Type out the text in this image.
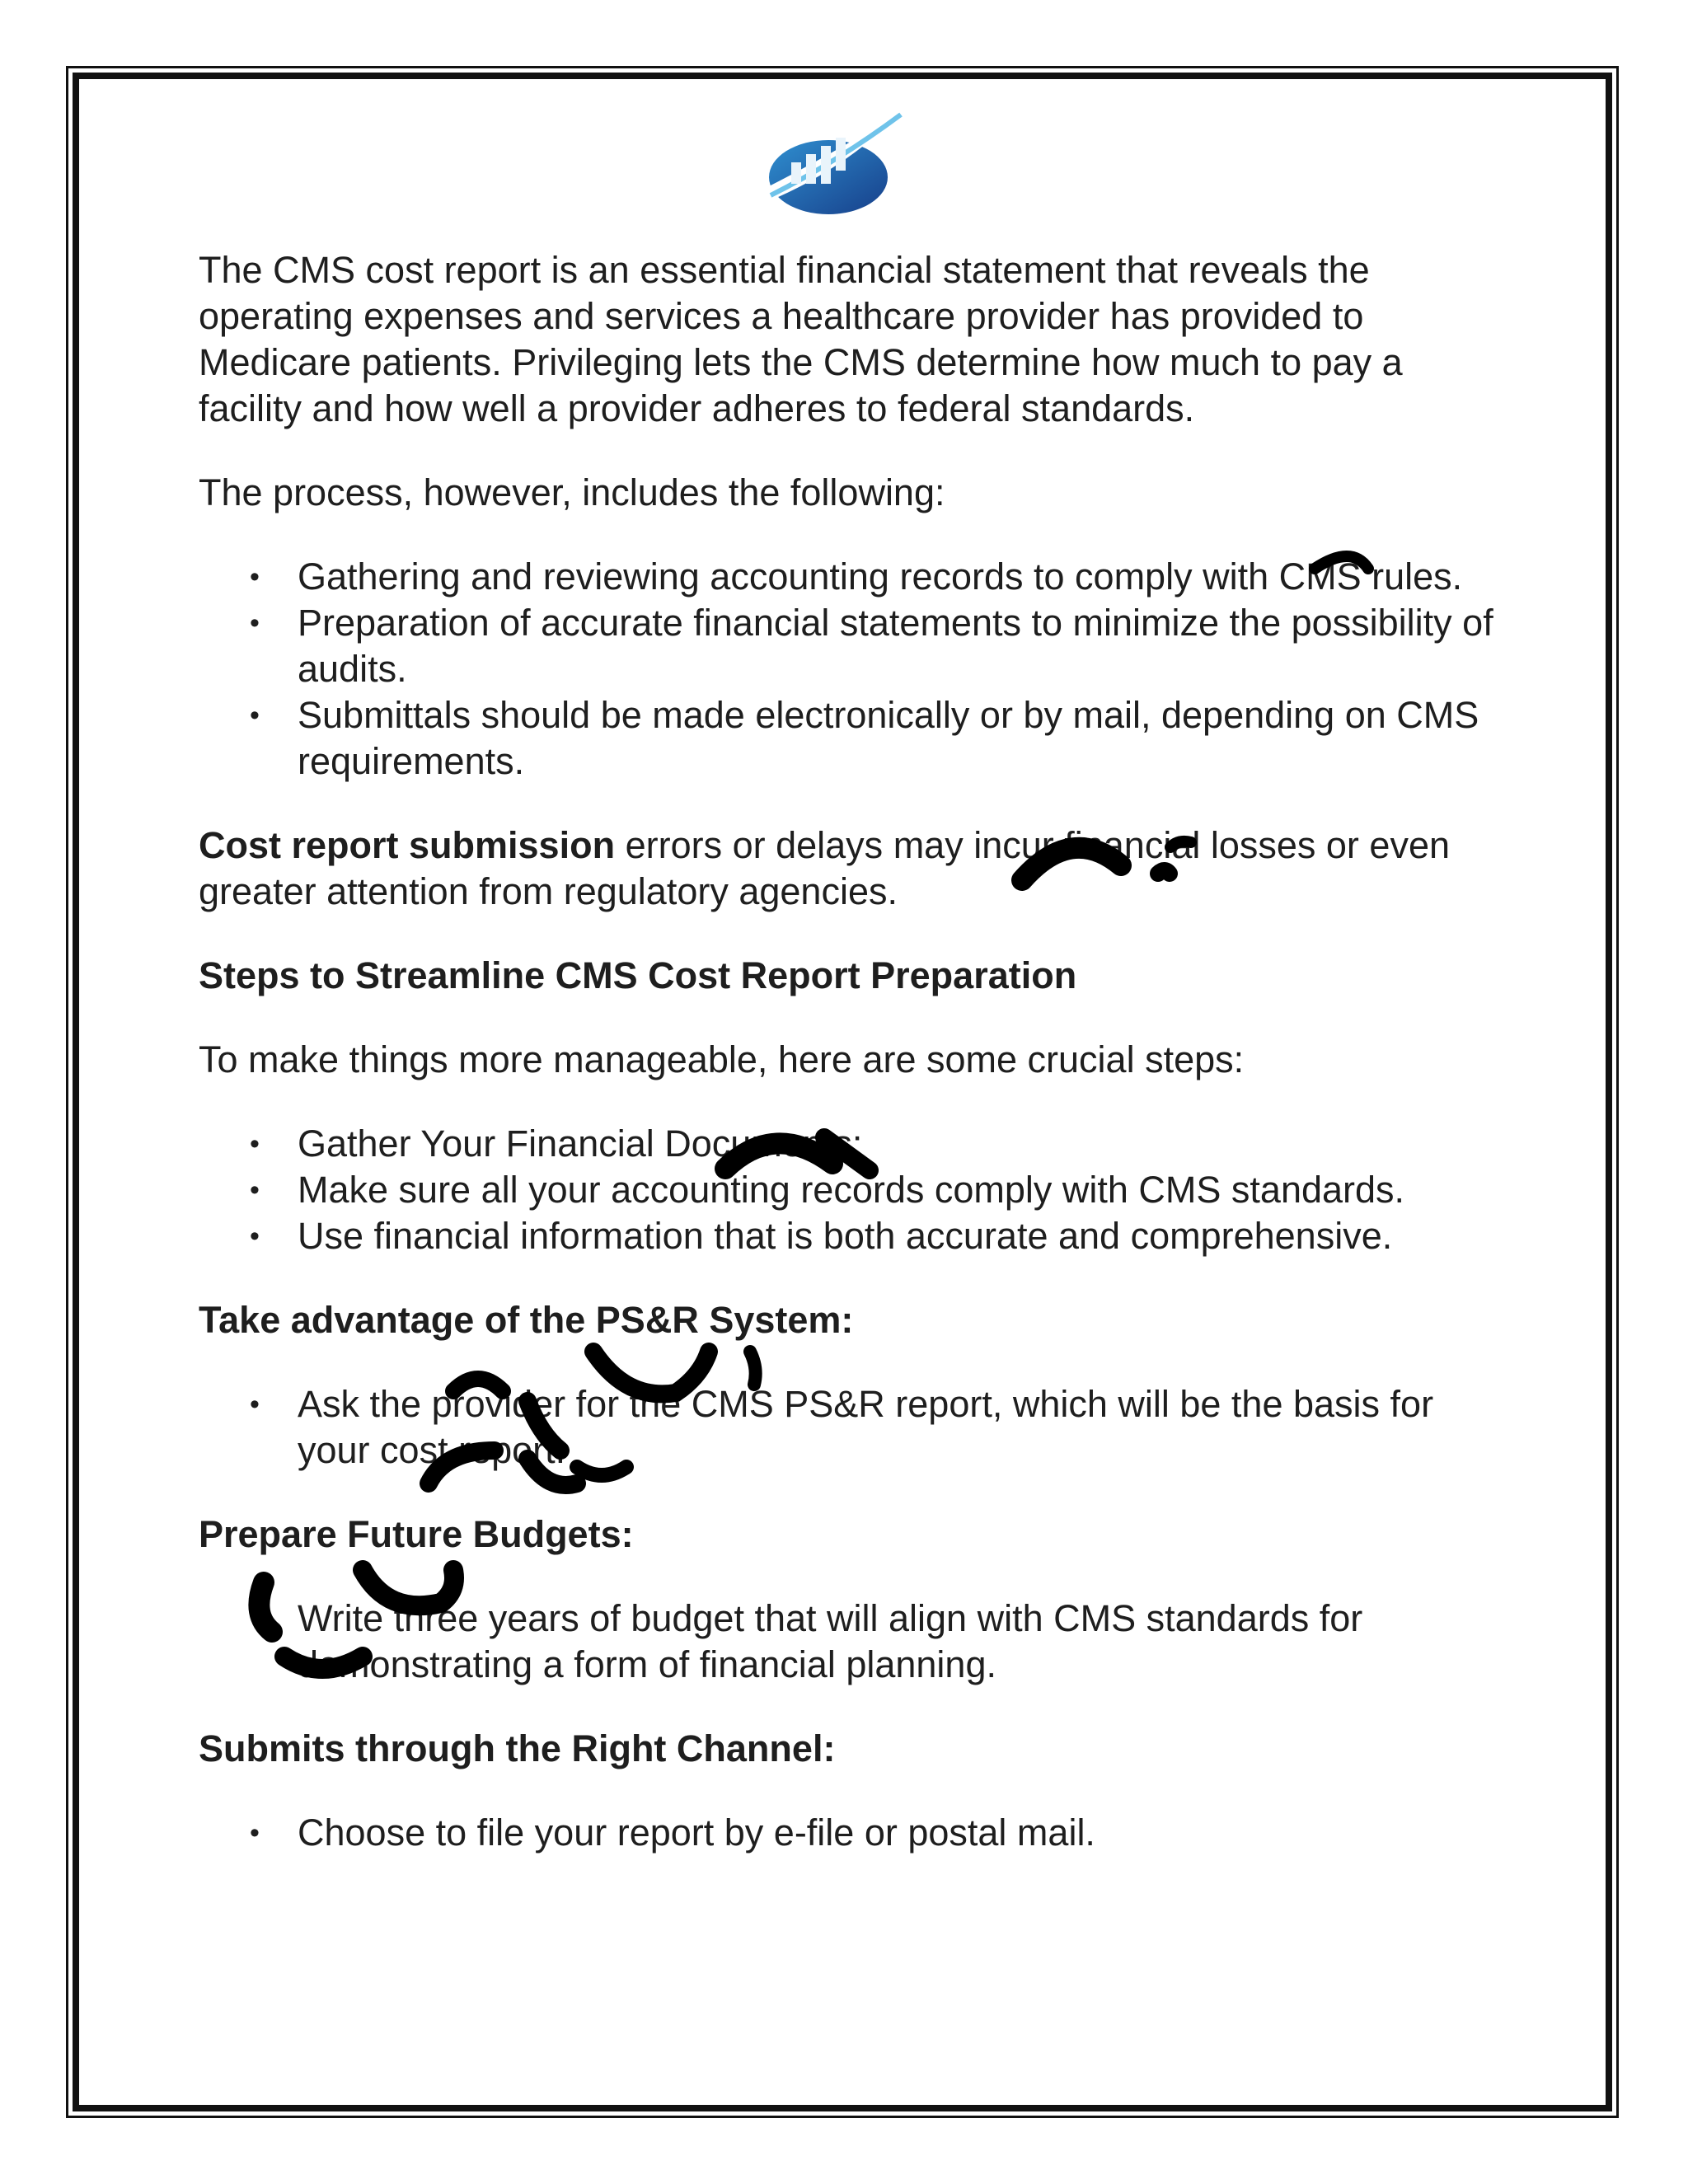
The CMS cost report is an essential financial statement that reveals the operating expenses and services a healthcare provider has provided to Medicare patients. Privileging lets the CMS determine how much to pay a facility and how well a provider adheres to federal standards.

The process, however, includes the following:

• Gathering and reviewing accounting records to comply with CMS rules.
• Preparation of accurate financial statements to minimize the possibility of audits.
• Submittals should be made electronically or by mail, depending on CMS requirements.

Cost report submission errors or delays may incur financial losses or even greater attention from regulatory agencies.

Steps to Streamline CMS Cost Report Preparation

To make things more manageable, here are some crucial steps:

• Gather Your Financial Documents:
• Make sure all your accounting records comply with CMS standards.
• Use financial information that is both accurate and comprehensive.

Take advantage of the PS&R System:

• Ask the provider for the CMS PS&R report, which will be the basis for your cost report.

Prepare Future Budgets:

• Write three years of budget that will align with CMS standards for demonstrating a form of financial planning.

Submits through the Right Channel:

• Choose to file your report by e-file or postal mail.
